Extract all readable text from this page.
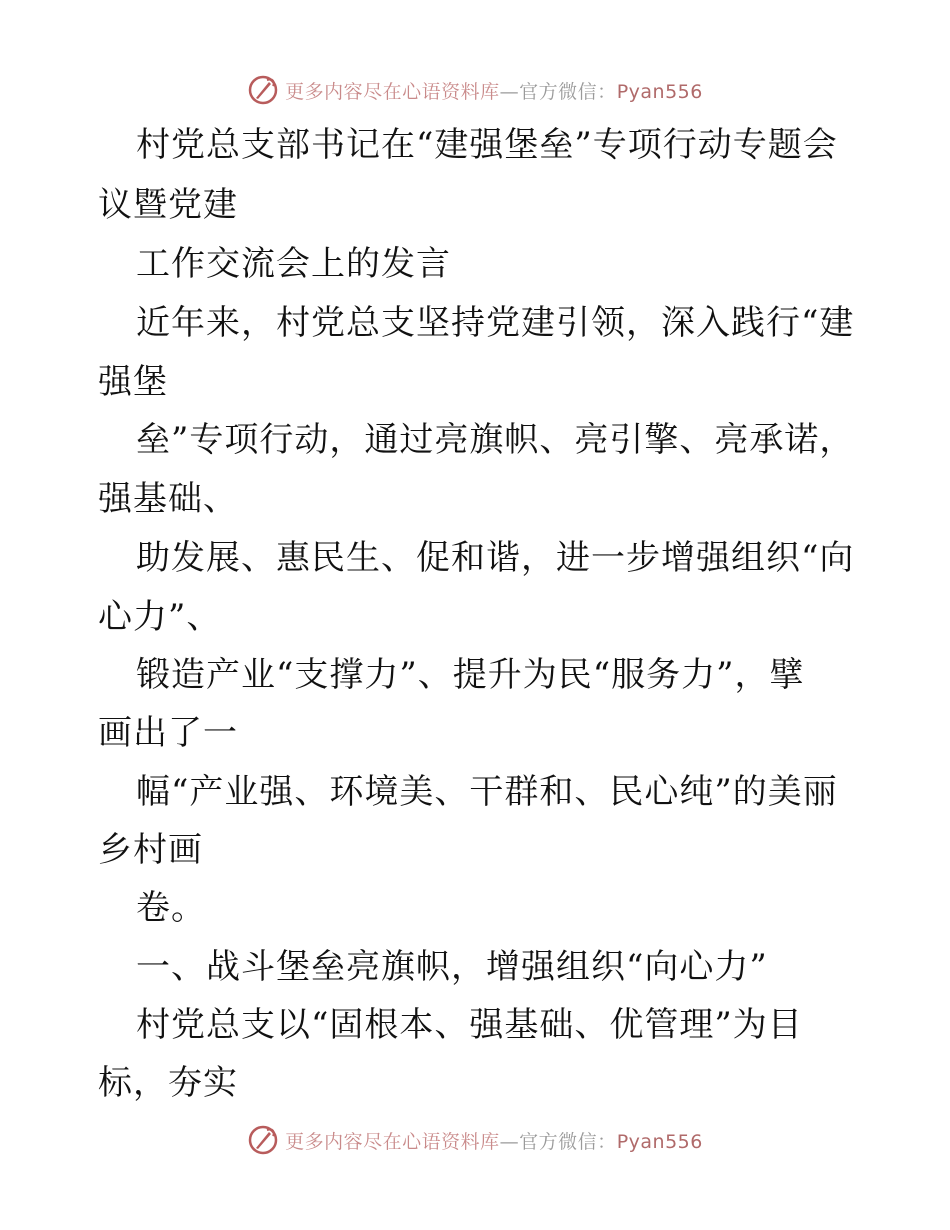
更多内容尽在心语资料库—官方微信：Pyan556
村党总支部书记在“建强堡垒”专项行动专题会
议暨党建
工作交流会上的发言
近年来，村党总支坚持党建引领，深入践行“建
强堡
垒”专项行动，通过亮旗帜、亮引擎、亮承诺，
强基础、
助发展、惠民生、促和谐，进一步增强组织“向
心力”、
锻造产业“支撑力”、提升为民“服务力”，擘
画出了一
幅“产业强、环境美、干群和、民心纯”的美丽
乡村画
卷。
一、战斗堡垒亮旗帜，增强组织“向心力”
村党总支以“固根本、强基础、优管理”为目
标，夯实
更多内容尽在心语资料库—官方微信：Pyan556
